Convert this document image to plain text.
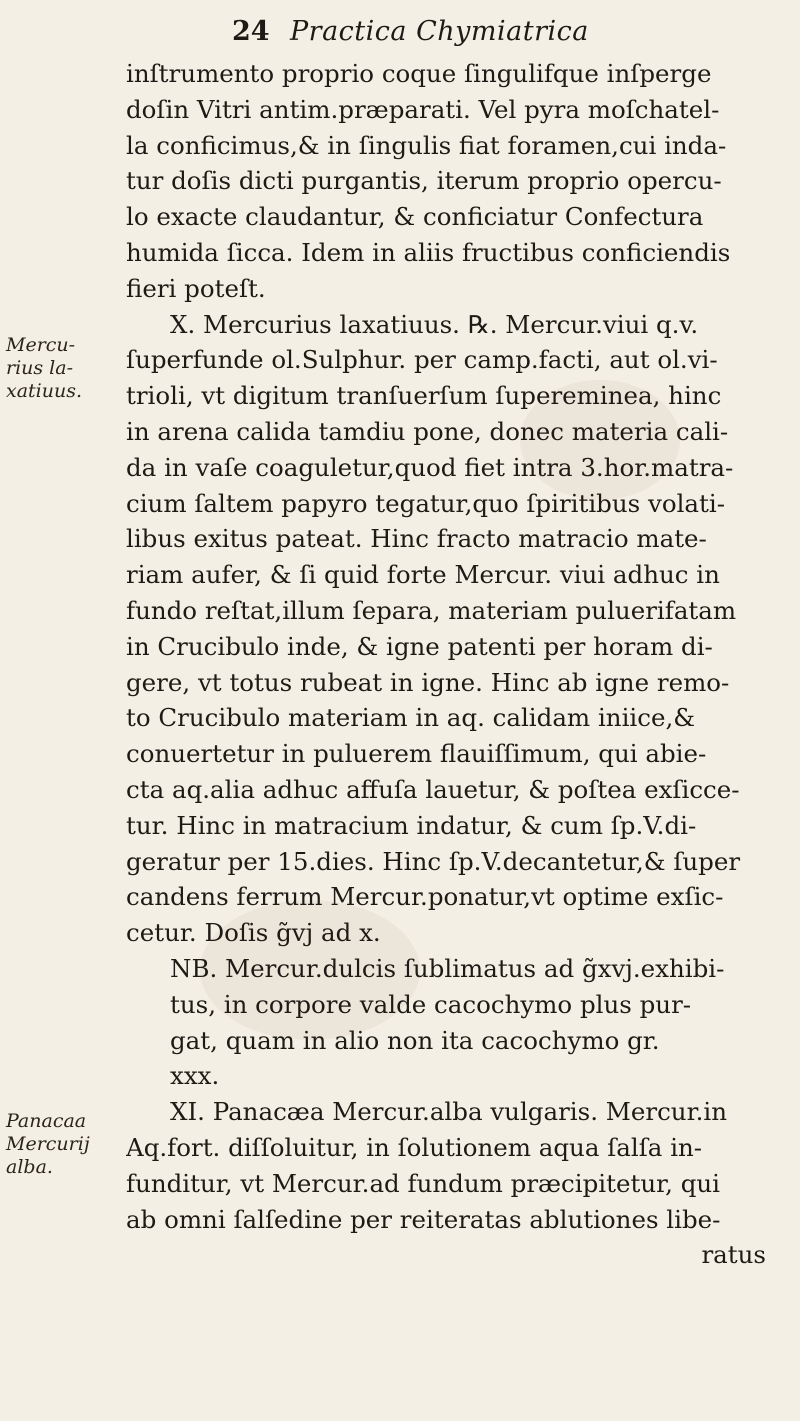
24 Practica Chymiatrica
Mercu-
rius la-
xatiuus.
Panacaa
Mercurij
alba.
inſtrumento proprio coque ſingulifque inſperge
doſin Vitri antim.præparati. Vel pyra moſchatel-
la conficimus,& in ſingulis fiat foramen,cui inda-
tur doſis dicti purgantis, iterum proprio opercu-
lo exacte claudantur, & conficiatur Confectura
humida ſicca. Idem in aliis fructibus conficiendis
fieri poteſt.
X. Mercurius laxatiuus. ℞. Mercur.viui q.v.
ſuperfunde ol.Sulphur. per camp.facti, aut ol.vi-
trioli, vt digitum tranſuerſum ſupereminea, hinc
in arena calida tamdiu pone, donec materia cali-
da in vaſe coaguletur,quod fiet intra 3.hor.matra-
cium ſaltem papyro tegatur,quo ſpiritibus volati-
libus exitus pateat. Hinc fracto matracio mate-
riam aufer, & ſi quid forte Mercur. viui adhuc in
fundo reſtat,illum ſepara, materiam puluerifatam
in Crucibulo inde, & igne patenti per horam di-
gere, vt totus rubeat in igne. Hinc ab igne remo-
to Crucibulo materiam in aq. calidam iniice,&
conuertetur in puluerem flauiſſimum, qui abie-
cta aq.alia adhuc affuſa lauetur, & poſtea exſicce-
tur. Hinc in matracium indatur, & cum ſp.V.di-
geratur per 15.dies. Hinc ſp.V.decantetur,& ſuper
candens ferrum Mercur.ponatur,vt optime exſic-
cetur. Doſis g̃vj ad x.
NB. Mercur.dulcis ſublimatus ad g̃xvj.exhibi-
tus, in corpore valde cacochymo plus pur-
gat, quam in alio non ita cacochymo gr.
xxx.
XI. Panacæa Mercur.alba vulgaris. Mercur.in
Aq.fort. diſſoluitur, in ſolutionem aqua ſalſa in-
funditur, vt Mercur.ad fundum præcipitetur, qui
ab omni ſalſedine per reiteratas ablutiones libe-
ratus
